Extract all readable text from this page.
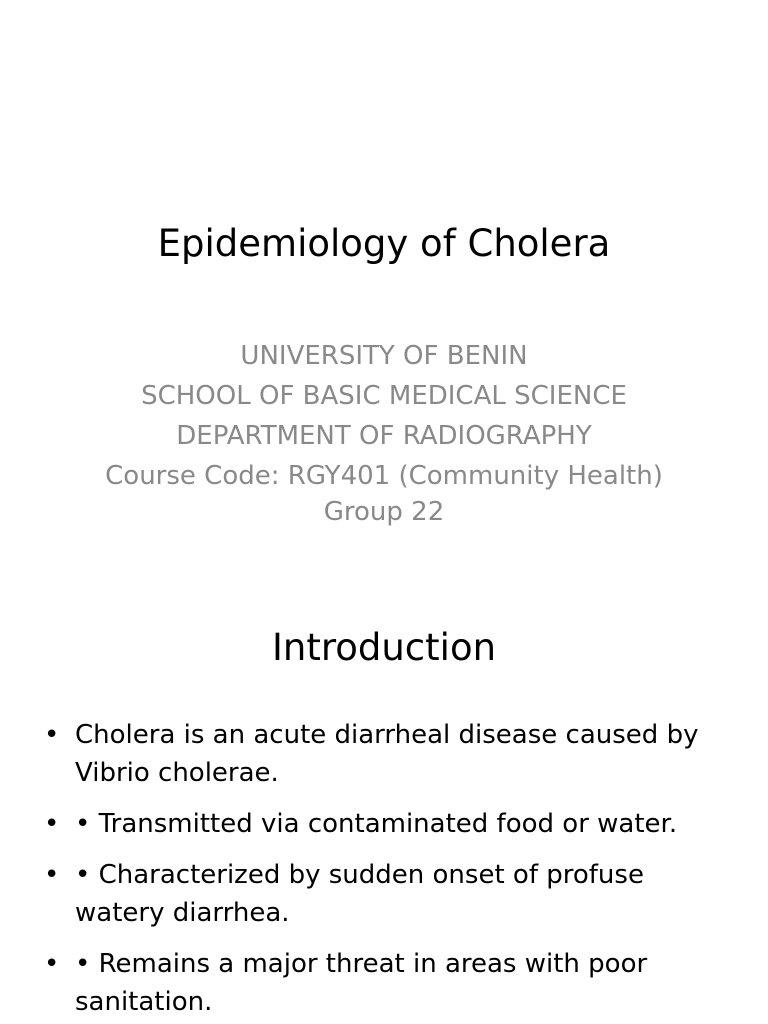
Epidemiology of Cholera
UNIVERSITY OF BENIN
SCHOOL OF BASIC MEDICAL SCIENCE
DEPARTMENT OF RADIOGRAPHY
Course Code: RGY401 (Community Health)
Group 22
Introduction
• Cholera is an acute diarrheal disease caused by Vibrio cholerae.
• • Transmitted via contaminated food or water.
• • Characterized by sudden onset of profuse watery diarrhea.
• • Remains a major threat in areas with poor sanitation.
